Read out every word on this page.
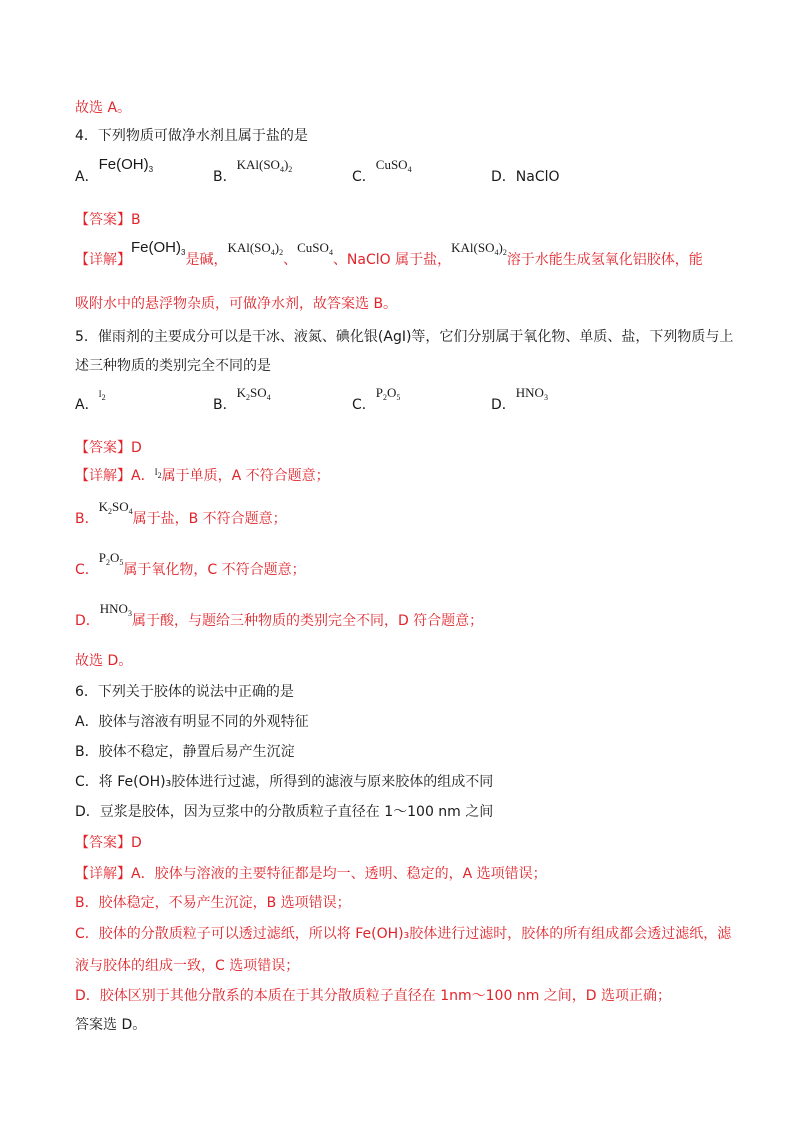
故选 A。
4．下列物质可做净水剂且属于盐的是
A．$Fe(OH)_3$	B．$KAl(SO_4)_2$	C．CuSO$_4$	D．NaClO
【答案】B
【详解】$Fe(OH)_3$是碱，$KAl(SO_4)_2$、CuSO$_4$、NaClO 属于盐，$KAl(SO_4)_2$溶于水能生成氢氧化铝胶体，能
吸附水中的悬浮物杂质，可做净水剂，故答案选 B。
5．催雨剂的主要成分可以是干冰、液氮、碘化银(AgI)等，它们分别属于氧化物、单质、盐，下列物质与上
述三种物质的类别完全不同的是
A．$^{I_2}$	B．$K_2SO_4$	C．$P_2O_5$	D．$HNO_3$
【答案】D
【详解】A．$^{I_2}$属于单质，A 不符合题意；
B．$K_2SO_4$属于盐，B 不符合题意；
C．$P_2O_5$属于氧化物，C 不符合题意；
D．$HNO_3$属于酸，与题给三种物质的类别完全不同，D 符合题意；
故选 D。
6．下列关于胶体的说法中正确的是
A．胶体与溶液有明显不同的外观特征
B．胶体不稳定，静置后易产生沉淀
C．将 Fe(OH)₃胶体进行过滤，所得到的滤液与原来胶体的组成不同
D．豆浆是胶体，因为豆浆中的分散质粒子直径在 1～100 nm 之间
【答案】D
【详解】A．胶体与溶液的主要特征都是均一、透明、稳定的，A 选项错误；
B．胶体稳定，不易产生沉淀，B 选项错误；
C．胶体的分散质粒子可以透过滤纸，所以将 Fe(OH)₃胶体进行过滤时，胶体的所有组成都会透过滤纸，滤
液与胶体的组成一致，C 选项错误；
D．胶体区别于其他分散系的本质在于其分散质粒子直径在 1nm～100 nm 之间，D 选项正确；
答案选 D。
